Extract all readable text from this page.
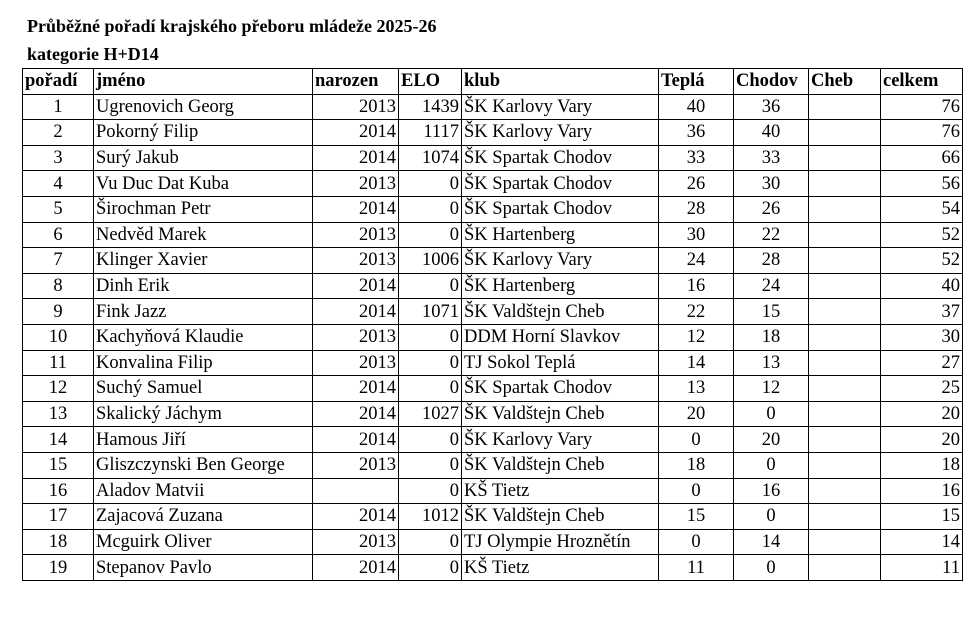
Průběžné pořadí krajského přeboru mládeže 2025-26
kategorie H+D14
pořadí	jméno	narozen	ELO	klub	Teplá	Chodov	Cheb	celkem
1	Ugrenovich Georg	2013	1439	ŠK Karlovy Vary	40	36		76
2	Pokorný Filip	2014	1117	ŠK Karlovy Vary	36	40		76
3	Surý Jakub	2014	1074	ŠK Spartak Chodov	33	33		66
4	Vu Duc Dat Kuba	2013	0	ŠK Spartak Chodov	26	30		56
5	Širochman Petr	2014	0	ŠK Spartak Chodov	28	26		54
6	Nedvěd Marek	2013	0	ŠK Hartenberg	30	22		52
7	Klinger Xavier	2013	1006	ŠK Karlovy Vary	24	28		52
8	Dinh Erik	2014	0	ŠK Hartenberg	16	24		40
9	Fink Jazz	2014	1071	ŠK Valdštejn Cheb	22	15		37
10	Kachyňová Klaudie	2013	0	DDM Horní Slavkov	12	18		30
11	Konvalina Filip	2013	0	TJ Sokol Teplá	14	13		27
12	Suchý Samuel	2014	0	ŠK Spartak Chodov	13	12		25
13	Skalický Jáchym	2014	1027	ŠK Valdštejn Cheb	20	0		20
14	Hamous Jiří	2014	0	ŠK Karlovy Vary	0	20		20
15	Gliszczynski Ben George	2013	0	ŠK Valdštejn Cheb	18	0		18
16	Aladov Matvii		0	KŠ Tietz	0	16		16
17	Zajacová Zuzana	2014	1012	ŠK Valdštejn Cheb	15	0		15
18	Mcguirk Oliver	2013	0	TJ Olympie Hroznětín	0	14		14
19	Stepanov Pavlo	2014	0	KŠ Tietz	11	0		11
